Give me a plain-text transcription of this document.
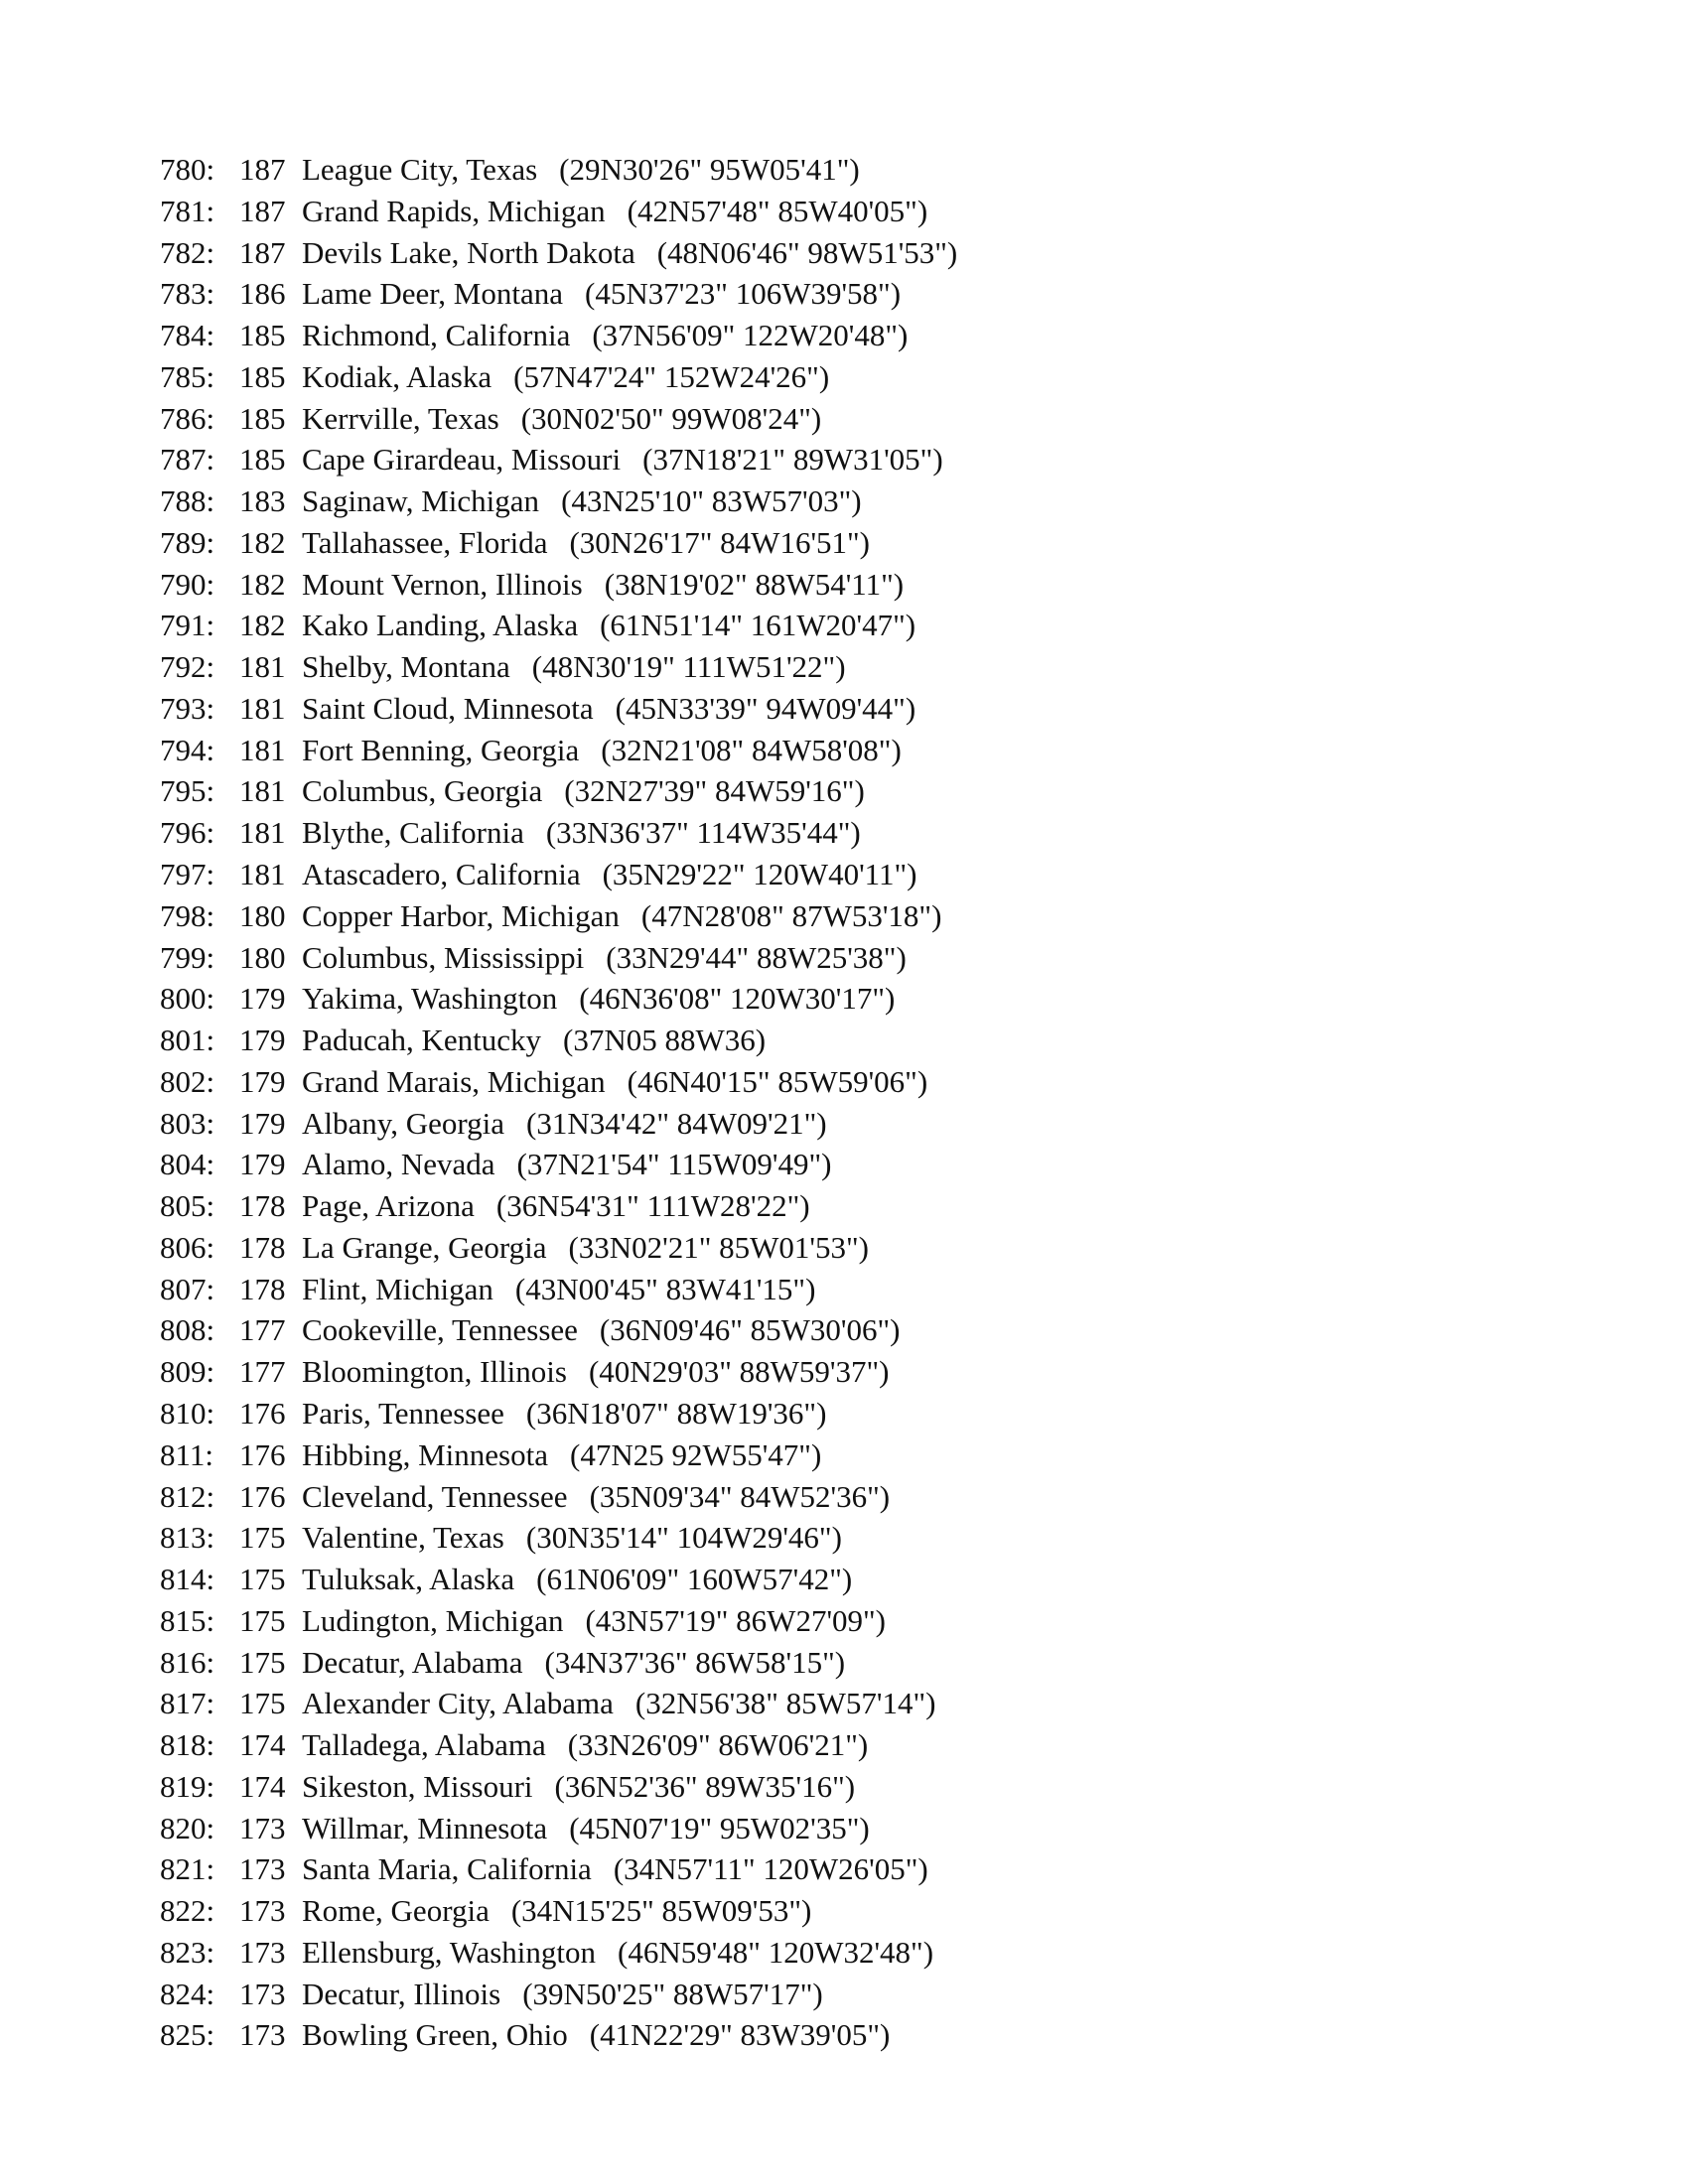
780: 187 League City, Texas (29N30'26" 95W05'41")
781: 187 Grand Rapids, Michigan (42N57'48" 85W40'05")
782: 187 Devils Lake, North Dakota (48N06'46" 98W51'53")
783: 186 Lame Deer, Montana (45N37'23" 106W39'58")
784: 185 Richmond, California (37N56'09" 122W20'48")
785: 185 Kodiak, Alaska (57N47'24" 152W24'26")
786: 185 Kerrville, Texas (30N02'50" 99W08'24")
787: 185 Cape Girardeau, Missouri (37N18'21" 89W31'05")
788: 183 Saginaw, Michigan (43N25'10" 83W57'03")
789: 182 Tallahassee, Florida (30N26'17" 84W16'51")
790: 182 Mount Vernon, Illinois (38N19'02" 88W54'11")
791: 182 Kako Landing, Alaska (61N51'14" 161W20'47")
792: 181 Shelby, Montana (48N30'19" 111W51'22")
793: 181 Saint Cloud, Minnesota (45N33'39" 94W09'44")
794: 181 Fort Benning, Georgia (32N21'08" 84W58'08")
795: 181 Columbus, Georgia (32N27'39" 84W59'16")
796: 181 Blythe, California (33N36'37" 114W35'44")
797: 181 Atascadero, California (35N29'22" 120W40'11")
798: 180 Copper Harbor, Michigan (47N28'08" 87W53'18")
799: 180 Columbus, Mississippi (33N29'44" 88W25'38")
800: 179 Yakima, Washington (46N36'08" 120W30'17")
801: 179 Paducah, Kentucky (37N05 88W36)
802: 179 Grand Marais, Michigan (46N40'15" 85W59'06")
803: 179 Albany, Georgia (31N34'42" 84W09'21")
804: 179 Alamo, Nevada (37N21'54" 115W09'49")
805: 178 Page, Arizona (36N54'31" 111W28'22")
806: 178 La Grange, Georgia (33N02'21" 85W01'53")
807: 178 Flint, Michigan (43N00'45" 83W41'15")
808: 177 Cookeville, Tennessee (36N09'46" 85W30'06")
809: 177 Bloomington, Illinois (40N29'03" 88W59'37")
810: 176 Paris, Tennessee (36N18'07" 88W19'36")
811: 176 Hibbing, Minnesota (47N25 92W55'47")
812: 176 Cleveland, Tennessee (35N09'34" 84W52'36")
813: 175 Valentine, Texas (30N35'14" 104W29'46")
814: 175 Tuluksak, Alaska (61N06'09" 160W57'42")
815: 175 Ludington, Michigan (43N57'19" 86W27'09")
816: 175 Decatur, Alabama (34N37'36" 86W58'15")
817: 175 Alexander City, Alabama (32N56'38" 85W57'14")
818: 174 Talladega, Alabama (33N26'09" 86W06'21")
819: 174 Sikeston, Missouri (36N52'36" 89W35'16")
820: 173 Willmar, Minnesota (45N07'19" 95W02'35")
821: 173 Santa Maria, California (34N57'11" 120W26'05")
822: 173 Rome, Georgia (34N15'25" 85W09'53")
823: 173 Ellensburg, Washington (46N59'48" 120W32'48")
824: 173 Decatur, Illinois (39N50'25" 88W57'17")
825: 173 Bowling Green, Ohio (41N22'29" 83W39'05")
